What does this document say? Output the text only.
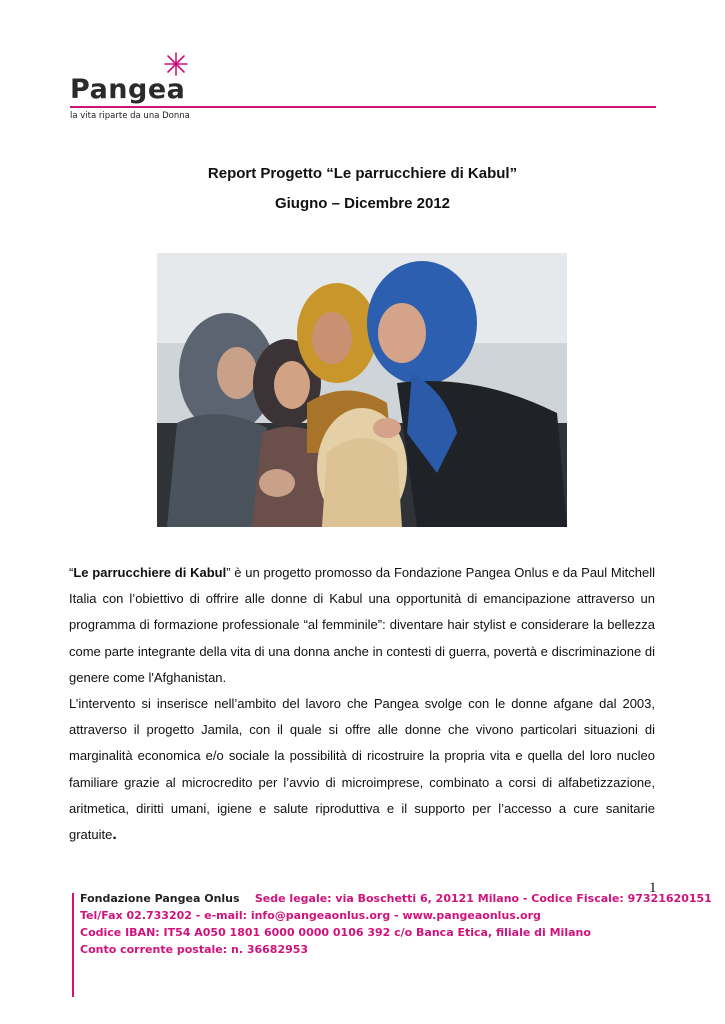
Pangea
la vita riparte da una Donna
Report Progetto “Le parrucchiere di Kabul”
Giugno – Dicembre 2012

“Le parrucchiere di Kabul” è un progetto promosso da Fondazione Pangea Onlus e da Paul Mitchell Italia con l’obiettivo di offrire alle donne di Kabul una opportunità di emancipazione attraverso un programma di formazione professionale “al femminile”: diventare hair stylist e considerare la bellezza come parte integrante della vita di una donna anche in contesti di guerra, povertà e discriminazione di genere come l'Afghanistan.

L’intervento si inserisce nell’ambito del lavoro che Pangea svolge con le donne afgane dal 2003, attraverso il progetto Jamila, con il quale si offre alle donne che vivono particolari situazioni di marginalità economica e/o sociale la possibilità di ricostruire la propria vita e quella del loro nucleo familiare grazie al microcredito per l’avvio di microimprese, combinato a corsi di alfabetizzazione, aritmetica, diritti umani, igiene e salute riproduttiva e il supporto per l’accesso a cure sanitarie gratuite.

1
Fondazione Pangea Onlus Sede legale: via Boschetti 6, 20121 Milano - Codice Fiscale: 97321620151
Tel/Fax 02.733202 - e-mail: info@pangeaonlus.org - www.pangeaonlus.org
Codice IBAN: IT54 A050 1801 6000 0000 0106 392 c/o Banca Etica, filiale di Milano
Conto corrente postale: n. 36682953
